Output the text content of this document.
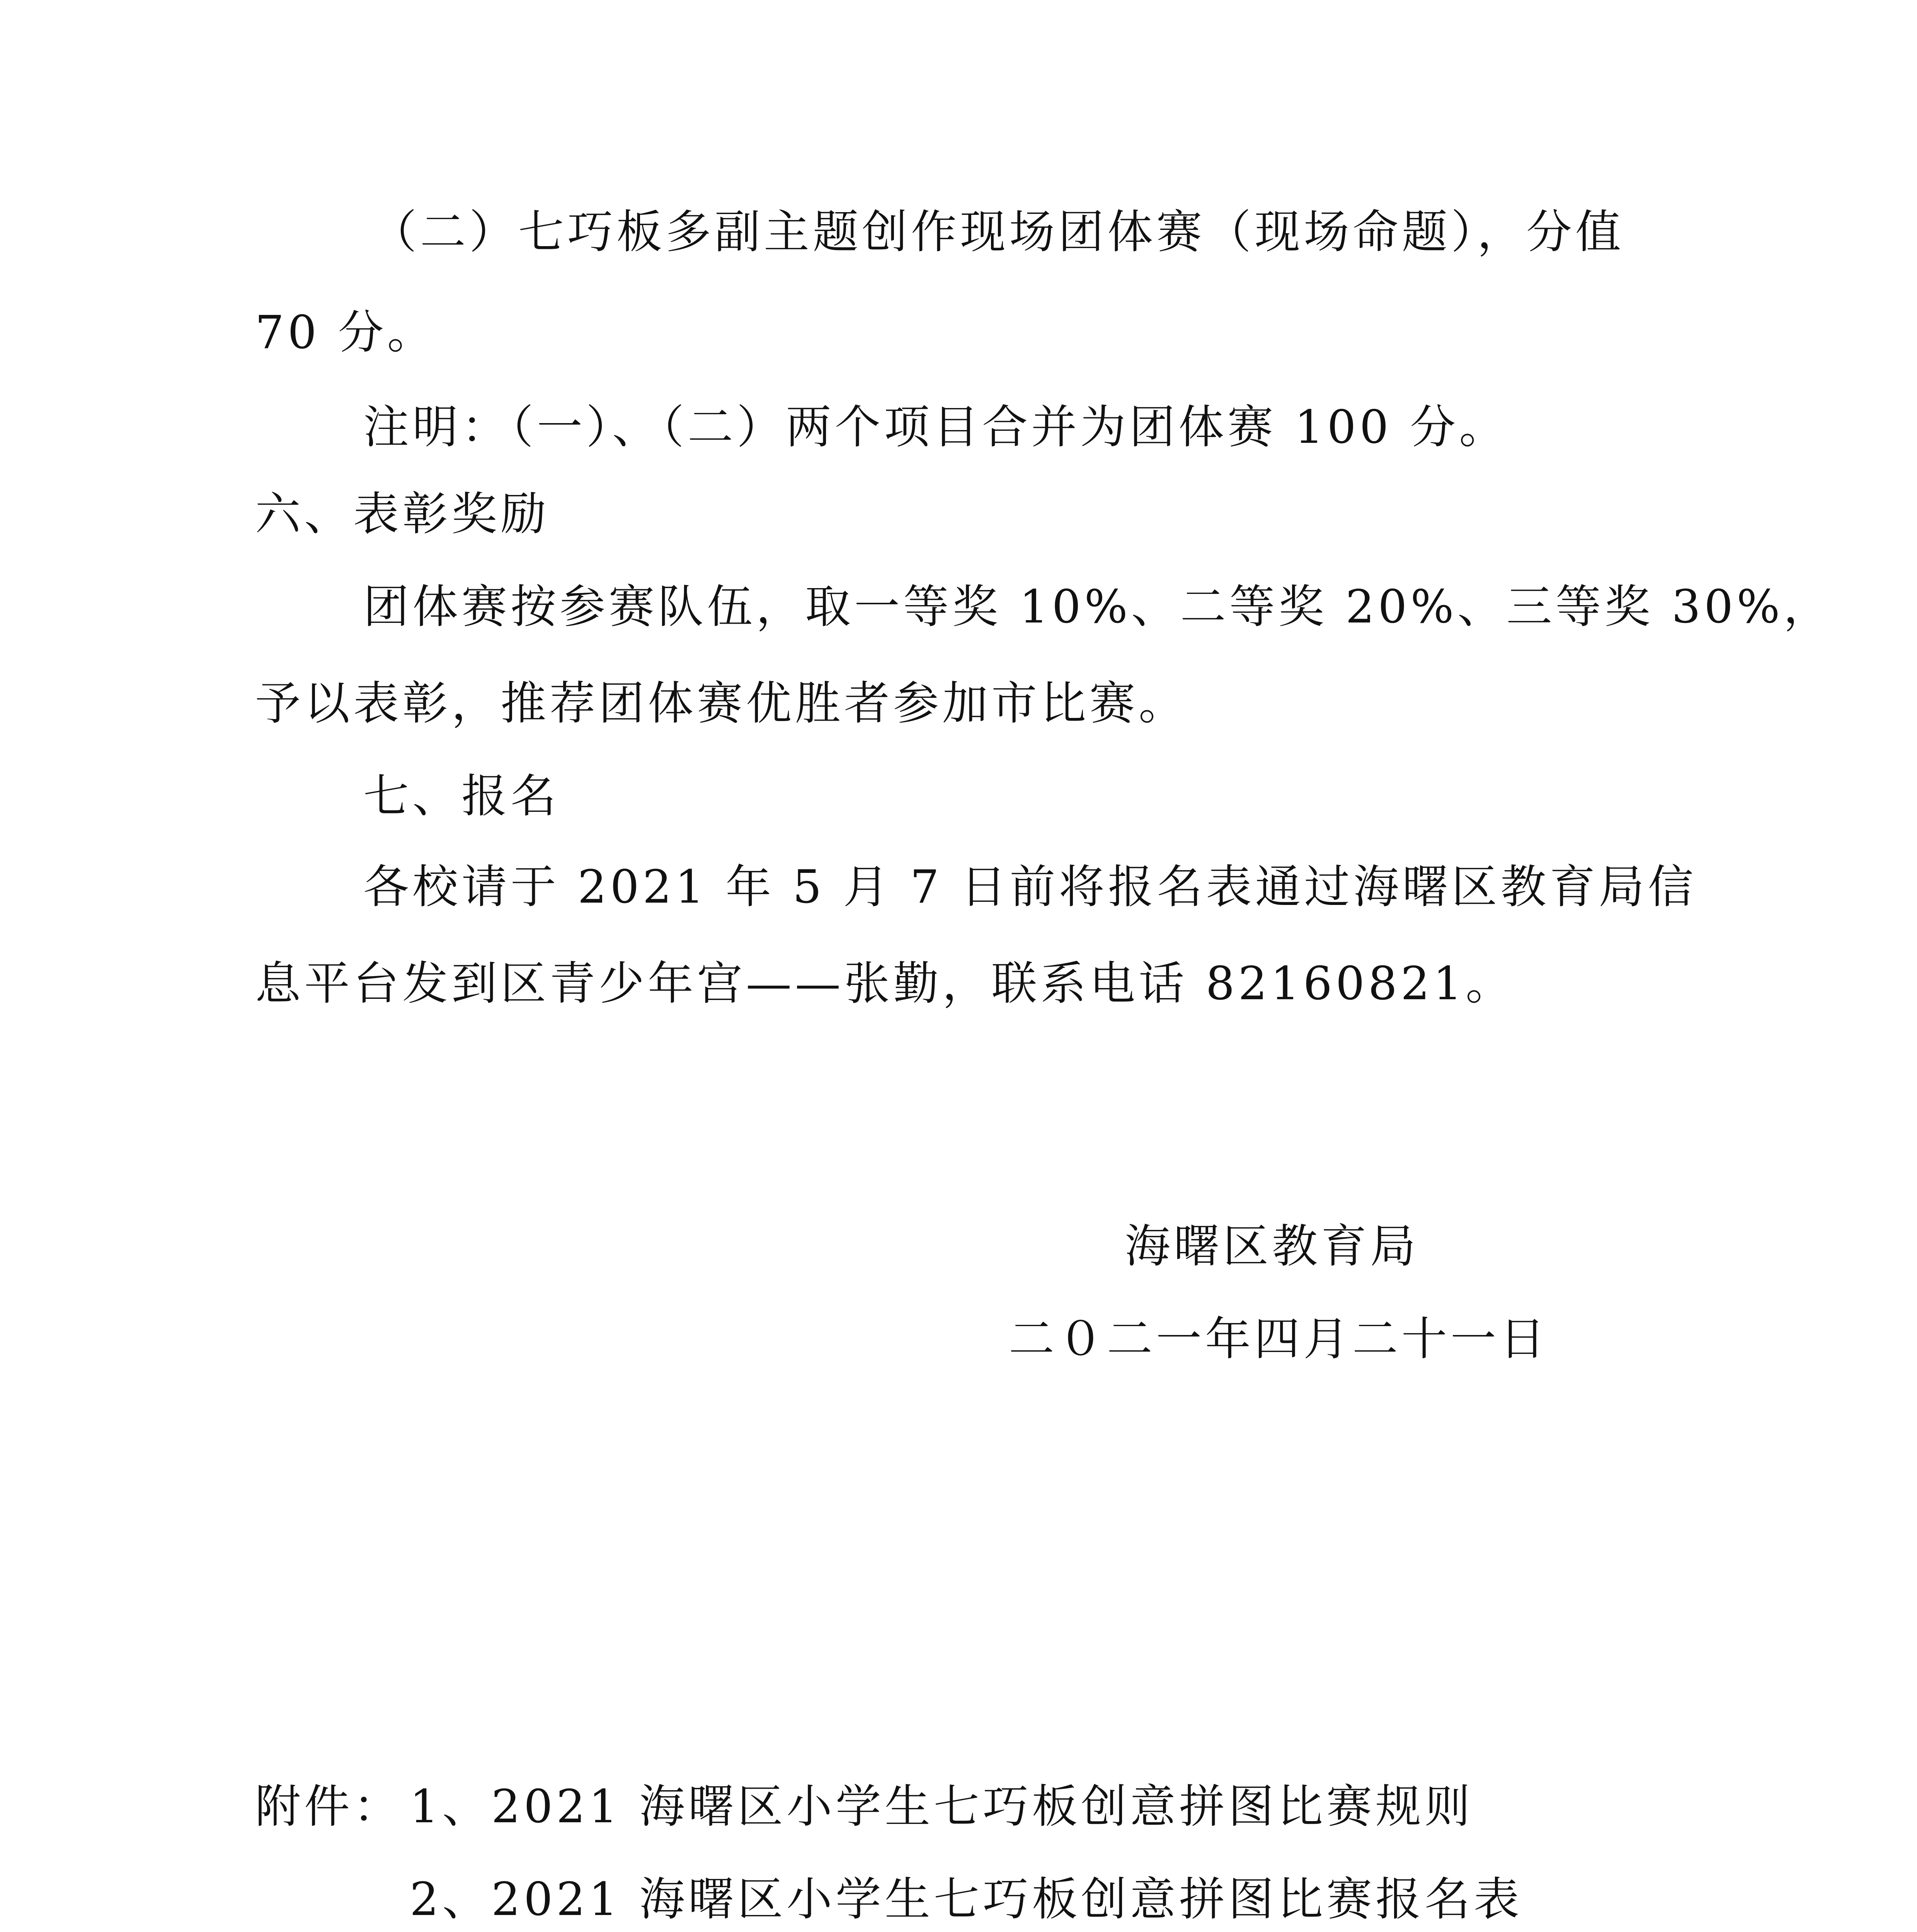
（二）七巧板多副主题创作现场团体赛（现场命题），分值
70 分。
注明：（一）、（二）两个项目合并为团体赛 100 分。
六、表彰奖励
团体赛按参赛队伍，取一等奖 10%、二等奖 20%、三等奖 30%，
予以表彰，推荐团体赛优胜者参加市比赛。
七、报名
各校请于 2021 年 5 月 7 日前将报名表通过海曙区教育局信
息平台发到区青少年宫——张勤，联系电话 82160821。
海曙区教育局
二０二一年四月二十一日
附件： 1、2021 海曙区小学生七巧板创意拼图比赛规则
2、2021 海曙区小学生七巧板创意拼图比赛报名表
